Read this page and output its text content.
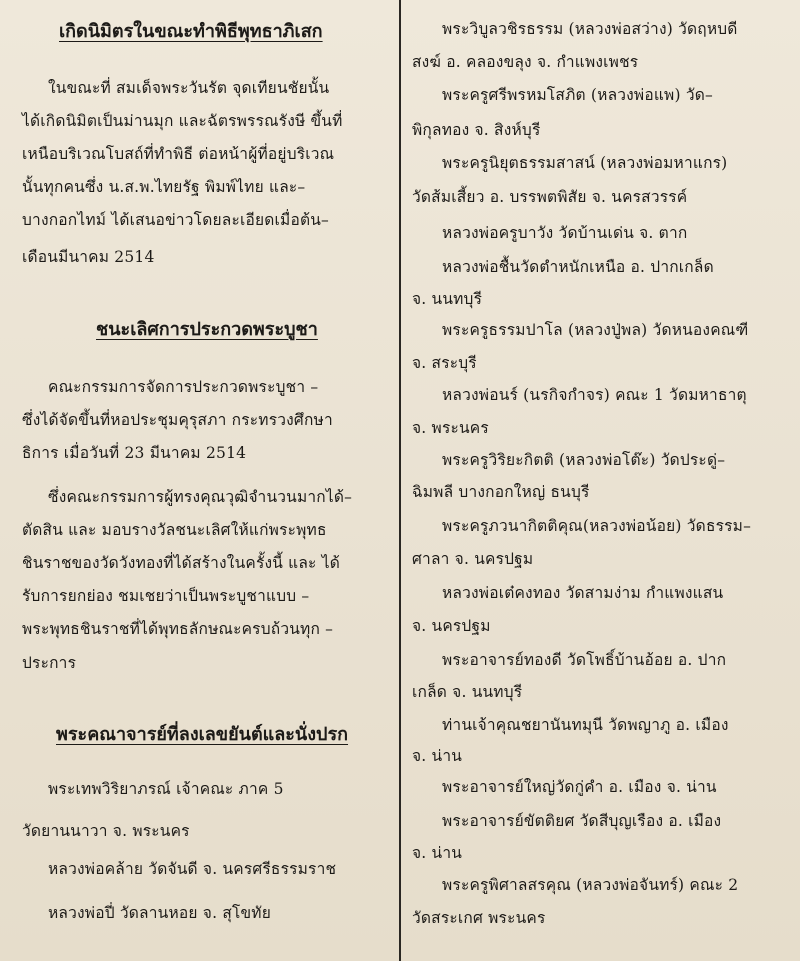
เกิดนิมิตรในขณะทำพิธีพุทธาภิเสก
ในขณะที่ สมเด็จพระวันรัต จุดเทียนชัยนั้น
ได้เกิดนิมิตเป็นม่านมุก และฉัตรพรรณรังษี ขึ้นที่
เหนือบริเวณโบสถ์ที่ทำพิธี ต่อหน้าผู้ที่อยู่บริเวณ
นั้นทุกคนซึ่ง น.ส.พ.ไทยรัฐ พิมพ์ไทย และ–
บางกอกไทม์ ได้เสนอข่าวโดยละเอียดเมื่อต้น–
เดือนมีนาคม 2514
ชนะเลิศการประกวดพระบูชา
คณะกรรมการจัดการประกวดพระบูชา –
ซึ่งได้จัดขึ้นที่หอประชุมคุรุสภา กระทรวงศึกษา
ธิการ เมื่อวันที่ 23 มีนาคม 2514
ซึ่งคณะกรรมการผู้ทรงคุณวุฒิจำนวนมากได้–
ตัดสิน และ มอบรางวัลชนะเลิศให้แก่พระพุทธ
ชินราชของวัดวังทองที่ได้สร้างในครั้งนี้ และ ได้
รับการยกย่อง ชมเชยว่าเป็นพระบูชาแบบ –
พระพุทธชินราชที่ได้พุทธลักษณะครบถ้วนทุก –
ประการ
พระคณาจารย์ที่ลงเลขยันต์และนั่งปรก
พระเทพวิริยาภรณ์ เจ้าคณะ ภาค 5
วัดยานนาวา จ. พระนคร
หลวงพ่อคล้าย วัดจันดี จ. นครศรีธรรมราช
หลวงพ่อปี่ วัดลานหอย จ. สุโขทัย
พระวิบูลวชิรธรรม (หลวงพ่อสว่าง) วัดฤหบดี
สงฆ์ อ. คลองขลุง จ. กำแพงเพชร
พระครูศรีพรหมโสภิต (หลวงพ่อแพ) วัด–
พิกุลทอง จ. สิงห์บุรี
พระครูนิยุตธรรมสาสน์ (หลวงพ่อมหาแกร)
วัดส้มเสี้ยว อ. บรรพตพิสัย จ. นครสวรรค์
หลวงพ่อครูบาวัง วัดบ้านเด่น จ. ตาก
หลวงพ่อชื้นวัดตำหนักเหนือ อ. ปากเกล็ด
จ. นนทบุรี
พระครูธรรมปาโล (หลวงปู่พล) วัดหนองคณฑี
จ. สระบุรี
หลวงพ่อนร์ (นรกิจกำจร) คณะ 1 วัดมหาธาตุ
จ. พระนคร
พระครูวิริยะกิตติ (หลวงพ่อโต๊ะ) วัดประดู่–
ฉิมพลี บางกอกใหญ่ ธนบุรี
พระครูภวนากิตติคุณ(หลวงพ่อน้อย) วัดธรรม–
ศาลา จ. นครปฐม
หลวงพ่อเต๋คงทอง วัดสามง่าม กำแพงแสน
จ. นครปฐม
พระอาจารย์ทองดี วัดโพธิ์บ้านอ้อย อ. ปาก
เกล็ด จ. นนทบุรี
ท่านเจ้าคุณชยานันทมุนี วัดพญาภู อ. เมือง
จ. น่าน
พระอาจารย์ใหญ่วัดกู่คำ อ. เมือง จ. น่าน
พระอาจารย์ขัตติยศ วัดสีบุญเรือง อ. เมือง
จ. น่าน
พระครูพิศาลสรคุณ (หลวงพ่อจันทร์) คณะ 2
วัดสระเกศ พระนคร
